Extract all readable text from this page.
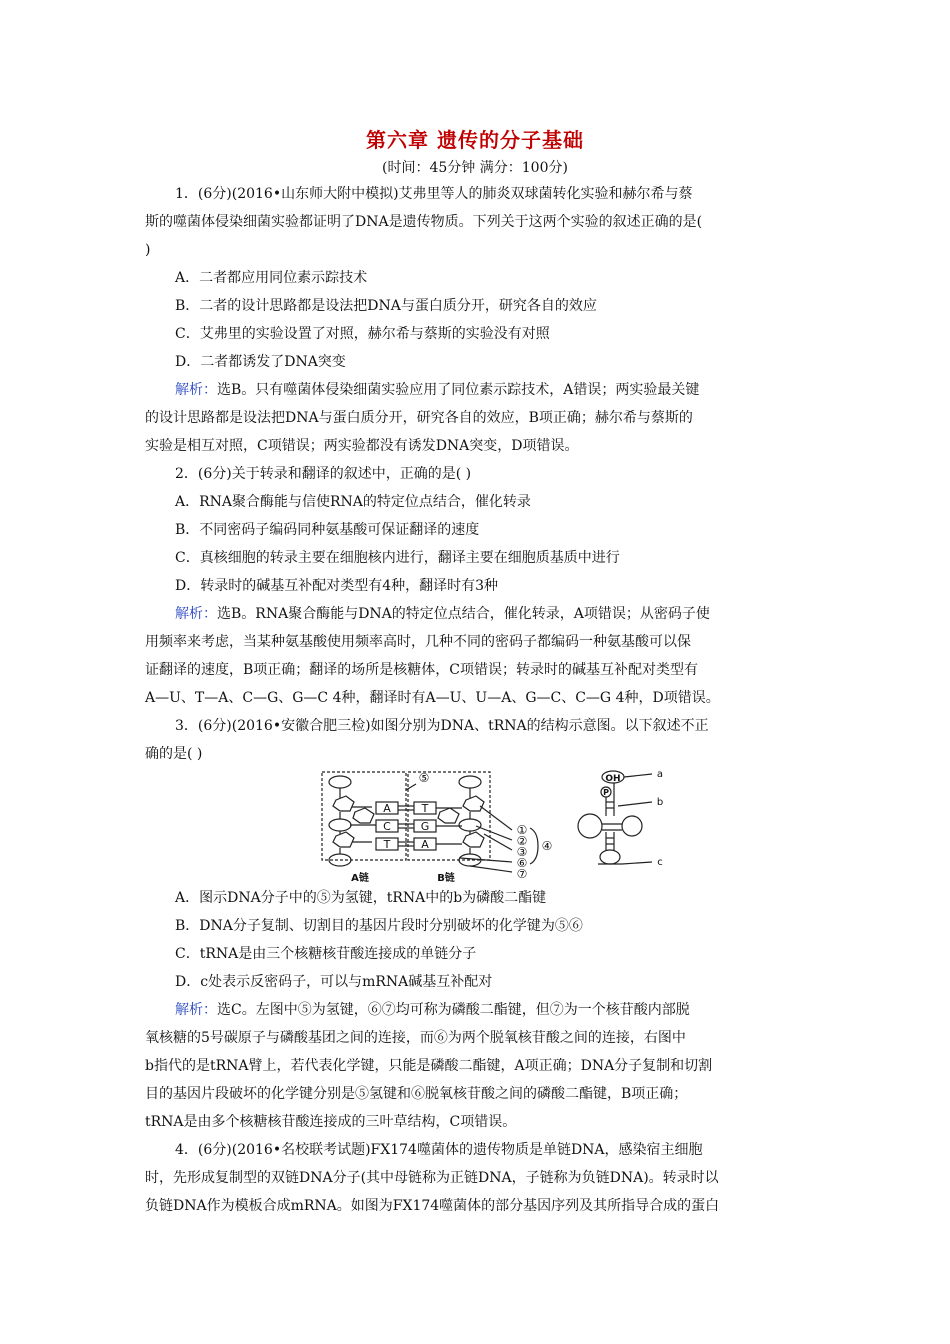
第六章 遗传的分子基础
(时间：45分钟 满分：100分)
1．(6分)(2016•山东师大附中模拟)艾弗里等人的肺炎双球菌转化实验和赫尔希与蔡
斯的噬菌体侵染细菌实验都证明了DNA是遗传物质。下列关于这两个实验的叙述正确的是(
)
A．二者都应用同位素示踪技术
B．二者的设计思路都是设法把DNA与蛋白质分开，研究各自的效应
C．艾弗里的实验设置了对照，赫尔希与蔡斯的实验没有对照
D．二者都诱发了DNA突变
解析：选B。只有噬菌体侵染细菌实验应用了同位素示踪技术，A错误；两实验最关键
的设计思路都是设法把DNA与蛋白质分开，研究各自的效应，B项正确；赫尔希与蔡斯的
实验是相互对照，C项错误；两实验都没有诱发DNA突变，D项错误。
2．(6分)关于转录和翻译的叙述中，正确的是( )
A．RNA聚合酶能与信使RNA的特定位点结合，催化转录
B．不同密码子编码同种氨基酸可保证翻译的速度
C．真核细胞的转录主要在细胞核内进行，翻译主要在细胞质基质中进行
D．转录时的碱基互补配对类型有4种，翻译时有3种
解析：选B。RNA聚合酶能与DNA的特定位点结合，催化转录，A项错误；从密码子使
用频率来考虑，当某种氨基酸使用频率高时，几种不同的密码子都编码一种氨基酸可以保
证翻译的速度，B项正确；翻译的场所是核糖体，C项错误；转录时的碱基互补配对类型有
A—U、T—A、C—G、G—C 4种，翻译时有A—U、U—A、G—C、C—G 4种，D项错误。
3．(6分)(2016•安徽合肥三检)如图分别为DNA、tRNA的结构示意图。以下叙述不正
确的是( )
A	T
C	G
T	A
⑤
①
②
③
⑥
⑦
④
A链	B链
OH
P
a
b
c
A．图示DNA分子中的⑤为氢键，tRNA中的b为磷酸二酯键
B．DNA分子复制、切割目的基因片段时分别破坏的化学键为⑤⑥
C．tRNA是由三个核糖核苷酸连接成的单链分子
D．c处表示反密码子，可以与mRNA碱基互补配对
解析：选C。左图中⑤为氢键，⑥⑦均可称为磷酸二酯键，但⑦为一个核苷酸内部脱
氧核糖的5号碳原子与磷酸基团之间的连接，而⑥为两个脱氧核苷酸之间的连接，右图中
b指代的是tRNA臂上，若代表化学键，只能是磷酸二酯键，A项正确；DNA分子复制和切割
目的基因片段破坏的化学键分别是⑤氢键和⑥脱氧核苷酸之间的磷酸二酯键，B项正确；
tRNA是由多个核糖核苷酸连接成的三叶草结构，C项错误。
4．(6分)(2016•名校联考试题)FX174噬菌体的遗传物质是单链DNA，感染宿主细胞
时，先形成复制型的双链DNA分子(其中母链称为正链DNA，子链称为负链DNA)。转录时以
负链DNA作为模板合成mRNA。如图为FX174噬菌体的部分基因序列及其所指导合成的蛋白
